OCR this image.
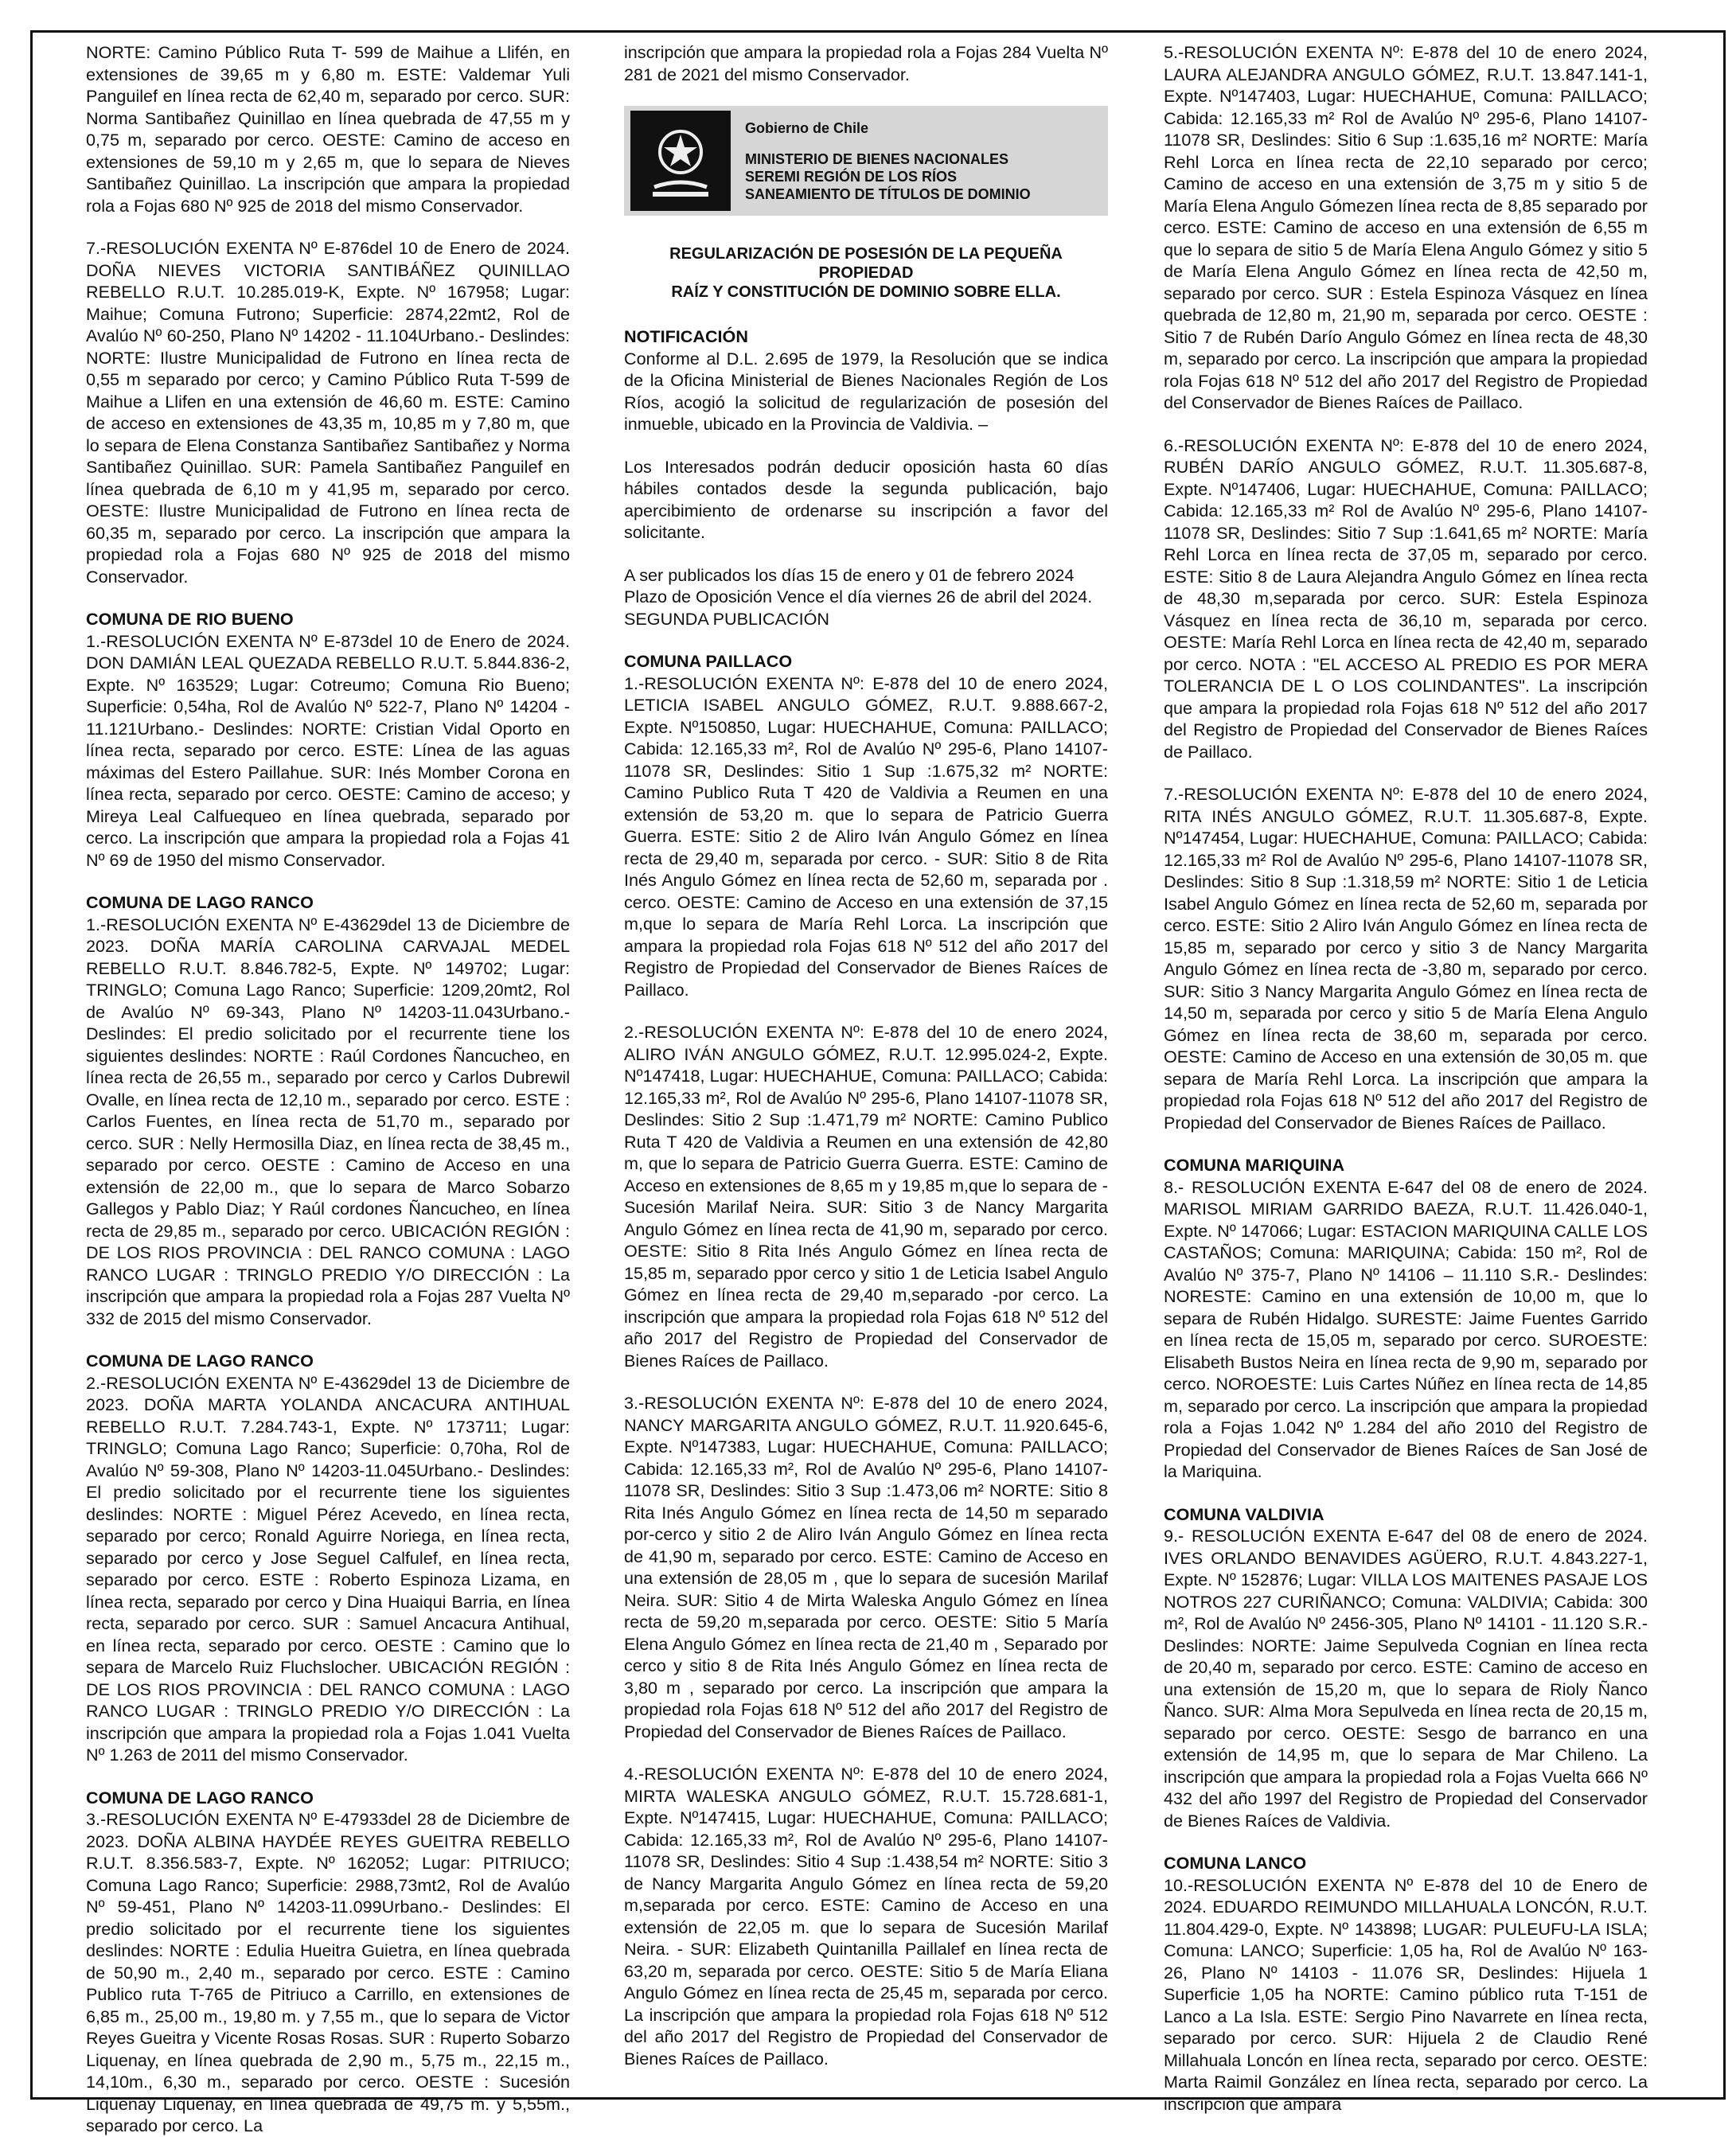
NORTE: Camino Público Ruta T- 599 de Maihue a Llifén, en extensiones de 39,65 m y 6,80 m. ESTE: Valdemar Yuli Panguilef en línea recta de 62,40 m, separado por cerco. SUR: Norma Santibañez Quinillao en línea quebrada de 47,55 m y 0,75 m, separado por cerco. OESTE: Camino de acceso en extensiones de 59,10 m y 2,65 m, que lo separa de Nieves Santibañez Quinillao. La inscripción que ampara la propiedad rola a Fojas 680 Nº 925 de 2018 del mismo Conservador.

7.-RESOLUCIÓN EXENTA Nº E-876del 10 de Enero de 2024. DOÑA NIEVES VICTORIA SANTIBÁÑEZ QUINILLAO REBELLO R.U.T. 10.285.019-K, Expte. Nº 167958; Lugar: Maihue; Comuna Futrono; Superficie: 2874,22mt2, Rol de Avalúo Nº 60-250, Plano Nº 14202 - 11.104Urbano.- Deslindes: NORTE: Ilustre Municipalidad de Futrono en línea recta de 0,55 m separado por cerco; y Camino Público Ruta T-599 de Maihue a Llifen en una extensión de 46,60 m. ESTE: Camino de acceso en extensiones de 43,35 m, 10,85 m y 7,80 m, que lo separa de Elena Constanza Santibañez Santibañez y Norma Santibañez Quinillao. SUR: Pamela Santibañez Panguilef en línea quebrada de 6,10 m y 41,95 m, separado por cerco. OESTE: Ilustre Municipalidad de Futrono en línea recta de 60,35 m, separado por cerco. La inscripción que ampara la propiedad rola a Fojas 680 Nº 925 de 2018 del mismo Conservador.

COMUNA DE RIO BUENO

1.-RESOLUCIÓN EXENTA Nº E-873del 10 de Enero de 2024. DON DAMIÁN LEAL QUEZADA REBELLO R.U.T. 5.844.836-2, Expte. Nº 163529; Lugar: Cotreumo; Comuna Rio Bueno; Superficie: 0,54ha, Rol de Avalúo Nº 522-7, Plano Nº 14204 - 11.121Urbano.- Deslindes: NORTE: Cristian Vidal Oporto en línea recta, separado por cerco. ESTE: Línea de las aguas máximas del Estero Paillahue. SUR: Inés Momber Corona en línea recta, separado por cerco. OESTE: Camino de acceso; y Mireya Leal Calfuequeo en línea quebrada, separado por cerco. La inscripción que ampara la propiedad rola a Fojas 41 Nº 69 de 1950 del mismo Conservador.

COMUNA DE LAGO RANCO

1.-RESOLUCIÓN EXENTA Nº E-43629del 13 de Diciembre de 2023. DOÑA MARÍA CAROLINA CARVAJAL MEDEL REBELLO R.U.T. 8.846.782-5, Expte. Nº 149702; Lugar: TRINGLO; Comuna Lago Ranco; Superficie: 1209,20mt2, Rol de Avalúo Nº 69-343, Plano Nº 14203-11.043Urbano.- Deslindes: El predio solicitado por el recurrente tiene los siguientes deslindes: NORTE : Raúl Cordones Ñancucheo, en línea recta de 26,55 m., separado por cerco y Carlos Dubrewil Ovalle, en línea recta de 12,10 m., separado por cerco. ESTE : Carlos Fuentes, en línea recta de 51,70 m., separado por cerco. SUR : Nelly Hermosilla Diaz, en línea recta de 38,45 m., separado por cerco. OESTE : Camino de Acceso en una extensión de 22,00 m., que lo separa de Marco Sobarzo Gallegos y Pablo Diaz; Y Raúl cordones Ñancucheo, en línea recta de 29,85 m., separado por cerco. UBICACIÓN REGIÓN : DE LOS RIOS PROVINCIA : DEL RANCO COMUNA : LAGO RANCO LUGAR : TRINGLO PREDIO Y/O DIRECCIÓN : La inscripción que ampara la propiedad rola a Fojas 287 Vuelta Nº 332 de 2015 del mismo Conservador.

COMUNA DE LAGO RANCO

2.-RESOLUCIÓN EXENTA Nº E-43629del 13 de Diciembre de 2023. DOÑA MARTA YOLANDA ANCACURA ANTIHUAL REBELLO R.U.T. 7.284.743-1, Expte. Nº 173711; Lugar: TRINGLO; Comuna Lago Ranco; Superficie: 0,70ha, Rol de Avalúo Nº 59-308, Plano Nº 14203-11.045Urbano.- Deslindes: El predio solicitado por el recurrente tiene los siguientes deslindes: NORTE : Miguel Pérez Acevedo, en línea recta, separado por cerco; Ronald Aguirre Noriega, en línea recta, separado por cerco y Jose Seguel Calfulef, en línea recta, separado por cerco. ESTE : Roberto Espinoza Lizama, en línea recta, separado por cerco y Dina Huaiqui Barria, en línea recta, separado por cerco. SUR : Samuel Ancacura Antihual, en línea recta, separado por cerco. OESTE : Camino que lo separa de Marcelo Ruiz Fluchslocher. UBICACIÓN REGIÓN : DE LOS RIOS PROVINCIA : DEL RANCO COMUNA : LAGO RANCO LUGAR : TRINGLO PREDIO Y/O DIRECCIÓN : La inscripción que ampara la propiedad rola a Fojas 1.041 Vuelta Nº 1.263 de 2011 del mismo Conservador.

COMUNA DE LAGO RANCO

3.-RESOLUCIÓN EXENTA Nº E-47933del 28 de Diciembre de 2023. DOÑA ALBINA HAYDÉE REYES GUEITRA REBELLO R.U.T. 8.356.583-7, Expte. Nº 162052; Lugar: PITRIUCO; Comuna Lago Ranco; Superficie: 2988,73mt2, Rol de Avalúo Nº 59-451, Plano Nº 14203-11.099Urbano.- Deslindes: El predio solicitado por el recurrente tiene los siguientes deslindes: NORTE : Edulia Hueitra Guietra, en línea quebrada de 50,90 m., 2,40 m., separado por cerco. ESTE : Camino Publico ruta T-765 de Pitriuco a Carrillo, en extensiones de 6,85 m., 25,00 m., 19,80 m. y 7,55 m., que lo separa de Victor Reyes Gueitra y Vicente Rosas Rosas. SUR : Ruperto Sobarzo Liquenay, en línea quebrada de 2,90 m., 5,75 m., 22,15 m., 14,10m., 6,30 m., separado por cerco. OESTE : Sucesión Liquenay Liquenay, en línea quebrada de 49,75 m. y 5,55m., separado por cerco. La

inscripción que ampara la propiedad rola a Fojas 284 Vuelta Nº 281 de 2021 del mismo Conservador.

Gobierno de Chile
MINISTERIO DE BIENES NACIONALES
SEREMI REGIÓN DE LOS RÍOS
SANEAMIENTO DE TÍTULOS DE DOMINIO
REGULARIZACIÓN DE POSESIÓN DE LA PEQUEÑA PROPIEDAD
RAÍZ Y CONSTITUCIÓN DE DOMINIO SOBRE ELLA.
NOTIFICACIÓN

Conforme al D.L. 2.695 de 1979, la Resolución que se indica de la Oficina Ministerial de Bienes Nacionales Región de Los Ríos, acogió la solicitud de regularización de posesión del inmueble, ubicado en la Provincia de Valdivia. –

Los Interesados podrán deducir oposición hasta 60 días hábiles contados desde la segunda publicación, bajo apercibimiento de ordenarse su inscripción a favor del solicitante.

A ser publicados los días 15 de enero y 01 de febrero 2024
Plazo de Oposición Vence el día viernes 26 de abril del 2024.
SEGUNDA PUBLICACIÓN

COMUNA PAILLACO

1.-RESOLUCIÓN EXENTA Nº: E-878 del 10 de enero 2024, LETICIA ISABEL ANGULO GÓMEZ, R.U.T. 9.888.667-2, Expte. Nº150850, Lugar: HUECHAHUE, Comuna: PAILLACO; Cabida: 12.165,33 m², Rol de Avalúo Nº 295-6, Plano 14107-11078 SR, Deslindes: Sitio 1 Sup :1.675,32 m² NORTE: Camino Publico Ruta T 420 de Valdivia a Reumen en una extensión de 53,20 m. que lo separa de Patricio Guerra Guerra. ESTE: Sitio 2 de Aliro Iván Angulo Gómez en línea recta de 29,40 m, separada por cerco. - SUR: Sitio 8 de Rita Inés Angulo Gómez en línea recta de 52,60 m, separada por . cerco. OESTE: Camino de Acceso en una extensión de 37,15 m,que lo separa de María Rehl Lorca. La inscripción que ampara la propiedad rola Fojas 618 Nº 512 del año 2017 del Registro de Propiedad del Conservador de Bienes Raíces de Paillaco.

2.-RESOLUCIÓN EXENTA Nº: E-878 del 10 de enero 2024, ALIRO IVÁN ANGULO GÓMEZ, R.U.T. 12.995.024-2, Expte. Nº147418, Lugar: HUECHAHUE, Comuna: PAILLACO; Cabida: 12.165,33 m², Rol de Avalúo Nº 295-6, Plano 14107-11078 SR, Deslindes: Sitio 2 Sup :1.471,79 m² NORTE: Camino Publico Ruta T 420 de Valdivia a Reumen en una extensión de 42,80 m, que lo separa de Patricio Guerra Guerra. ESTE: Camino de Acceso en extensiones de 8,65 m y 19,85 m,que lo separa de - Sucesión Marilaf Neira. SUR: Sitio 3 de Nancy Margarita Angulo Gómez en línea recta de 41,90 m, separado por cerco. OESTE: Sitio 8 Rita Inés Angulo Gómez en línea recta de 15,85 m, separado ppor cerco y sitio 1 de Leticia Isabel Angulo Gómez en línea recta de 29,40 m,separado -por cerco. La inscripción que ampara la propiedad rola Fojas 618 Nº 512 del año 2017 del Registro de Propiedad del Conservador de Bienes Raíces de Paillaco.

3.-RESOLUCIÓN EXENTA Nº: E-878 del 10 de enero 2024, NANCY MARGARITA ANGULO GÓMEZ, R.U.T. 11.920.645-6, Expte. Nº147383, Lugar: HUECHAHUE, Comuna: PAILLACO; Cabida: 12.165,33 m², Rol de Avalúo Nº 295-6, Plano 14107-11078 SR, Deslindes: Sitio 3 Sup :1.473,06 m² NORTE: Sitio 8 Rita Inés Angulo Gómez en línea recta de 14,50 m separado por-cerco y sitio 2 de Aliro Iván Angulo Gómez en línea recta de 41,90 m, separado por cerco. ESTE: Camino de Acceso en una extensión de 28,05 m , que lo separa de sucesión Marilaf Neira. SUR: Sitio 4 de Mirta Waleska Angulo Gómez en línea recta de 59,20 m,separada por cerco. OESTE: Sitio 5 María Elena Angulo Gómez en línea recta de 21,40 m , Separado por cerco y sitio 8 de Rita Inés Angulo Gómez en línea recta de 3,80 m , separado por cerco. La inscripción que ampara la propiedad rola Fojas 618 Nº 512 del año 2017 del Registro de Propiedad del Conservador de Bienes Raíces de Paillaco.

4.-RESOLUCIÓN EXENTA Nº: E-878 del 10 de enero 2024, MIRTA WALESKA ANGULO GÓMEZ, R.U.T. 15.728.681-1, Expte. Nº147415, Lugar: HUECHAHUE, Comuna: PAILLACO; Cabida: 12.165,33 m², Rol de Avalúo Nº 295-6, Plano 14107-11078 SR, Deslindes: Sitio 4 Sup :1.438,54 m² NORTE: Sitio 3 de Nancy Margarita Angulo Gómez en línea recta de 59,20 m,separada por cerco. ESTE: Camino de Acceso en una extensión de 22,05 m. que lo separa de Sucesión Marilaf Neira. - SUR: Elizabeth Quintanilla Paillalef en línea recta de 63,20 m, separada por cerco. OESTE: Sitio 5 de María Eliana Angulo Gómez en línea recta de 25,45 m, separada por cerco. La inscripción que ampara la propiedad rola Fojas 618 Nº 512 del año 2017 del Registro de Propiedad del Conservador de Bienes Raíces de Paillaco.

5.-RESOLUCIÓN EXENTA Nº: E-878 del 10 de enero 2024, LAURA ALEJANDRA ANGULO GÓMEZ, R.U.T. 13.847.141-1, Expte. Nº147403, Lugar: HUECHAHUE, Comuna: PAILLACO; Cabida: 12.165,33 m² Rol de Avalúo Nº 295-6, Plano 14107-11078 SR, Deslindes: Sitio 6 Sup :1.635,16 m² NORTE: María Rehl Lorca en línea recta de 22,10 separado por cerco; Camino de acceso en una extensión de 3,75 m y sitio 5 de María Elena Angulo Gómezen línea recta de 8,85 separado por cerco. ESTE: Camino de acceso en una extensión de 6,55 m que lo separa de sitio 5 de María Elena Angulo Gómez y sitio 5 de María Elena Angulo Gómez en línea recta de 42,50 m, separado por cerco. SUR : Estela Espinoza Vásquez en línea quebrada de 12,80 m, 21,90 m, separada por cerco. OESTE : Sitio 7 de Rubén Darío Angulo Gómez en línea recta de 48,30 m, separado por cerco. La inscripción que ampara la propiedad rola Fojas 618 Nº 512 del año 2017 del Registro de Propiedad del Conservador de Bienes Raíces de Paillaco.

6.-RESOLUCIÓN EXENTA Nº: E-878 del 10 de enero 2024, RUBÉN DARÍO ANGULO GÓMEZ, R.U.T. 11.305.687-8, Expte. Nº147406, Lugar: HUECHAHUE, Comuna: PAILLACO; Cabida: 12.165,33 m² Rol de Avalúo Nº 295-6, Plano 14107-11078 SR, Deslindes: Sitio 7 Sup :1.641,65 m² NORTE: María Rehl Lorca en línea recta de 37,05 m, separado por cerco. ESTE: Sitio 8 de Laura Alejandra Angulo Gómez en línea recta de 48,30 m,separada por cerco. SUR: Estela Espinoza Vásquez en línea recta de 36,10 m, separada por cerco. OESTE: María Rehl Lorca en línea recta de 42,40 m, separado por cerco. NOTA : "EL ACCESO AL PREDIO ES POR MERA TOLERANCIA DE L O LOS COLINDANTES". La inscripción que ampara la propiedad rola Fojas 618 Nº 512 del año 2017 del Registro de Propiedad del Conservador de Bienes Raíces de Paillaco.

7.-RESOLUCIÓN EXENTA Nº: E-878 del 10 de enero 2024, RITA INÉS ANGULO GÓMEZ, R.U.T. 11.305.687-8, Expte. Nº147454, Lugar: HUECHAHUE, Comuna: PAILLACO; Cabida: 12.165,33 m² Rol de Avalúo Nº 295-6, Plano 14107-11078 SR, Deslindes: Sitio 8 Sup :1.318,59 m² NORTE: Sitio 1 de Leticia Isabel Angulo Gómez en línea recta de 52,60 m, separada por cerco. ESTE: Sitio 2 Aliro Iván Angulo Gómez en línea recta de 15,85 m, separado por cerco y sitio 3 de Nancy Margarita Angulo Gómez en línea recta de -3,80 m, separado por cerco. SUR: Sitio 3 Nancy Margarita Angulo Gómez en línea recta de 14,50 m, separada por cerco y sitio 5 de María Elena Angulo Gómez en línea recta de 38,60 m, separada por cerco. OESTE: Camino de Acceso en una extensión de 30,05 m. que separa de María Rehl Lorca. La inscripción que ampara la propiedad rola Fojas 618 Nº 512 del año 2017 del Registro de Propiedad del Conservador de Bienes Raíces de Paillaco.

COMUNA MARIQUINA

8.- RESOLUCIÓN EXENTA E-647 del 08 de enero de 2024. MARISOL MIRIAM GARRIDO BAEZA, R.U.T. 11.426.040-1, Expte. Nº 147066; Lugar: ESTACION MARIQUINA CALLE LOS CASTAÑOS; Comuna: MARIQUINA; Cabida: 150 m², Rol de Avalúo Nº 375-7, Plano Nº 14106 – 11.110 S.R.- Deslindes: NORESTE: Camino en una extensión de 10,00 m, que lo separa de Rubén Hidalgo. SURESTE: Jaime Fuentes Garrido en línea recta de 15,05 m, separado por cerco. SUROESTE: Elisabeth Bustos Neira en línea recta de 9,90 m, separado por cerco. NOROESTE: Luis Cartes Núñez en línea recta de 14,85 m, separado por cerco. La inscripción que ampara la propiedad rola a Fojas 1.042 Nº 1.284 del año 2010 del Registro de Propiedad del Conservador de Bienes Raíces de San José de la Mariquina.

COMUNA VALDIVIA

9.- RESOLUCIÓN EXENTA E-647 del 08 de enero de 2024. IVES ORLANDO BENAVIDES AGÜERO, R.U.T. 4.843.227-1, Expte. Nº 152876; Lugar: VILLA LOS MAITENES PASAJE LOS NOTROS 227 CURIÑANCO; Comuna: VALDIVIA; Cabida: 300 m², Rol de Avalúo Nº 2456-305, Plano Nº 14101 - 11.120 S.R.- Deslindes: NORTE: Jaime Sepulveda Cognian en línea recta de 20,40 m, separado por cerco. ESTE: Camino de acceso en una extensión de 15,20 m, que lo separa de Rioly Ñanco Ñanco. SUR: Alma Mora Sepulveda en línea recta de 20,15 m, separado por cerco. OESTE: Sesgo de barranco en una extensión de 14,95 m, que lo separa de Mar Chileno. La inscripción que ampara la propiedad rola a Fojas Vuelta 666 Nº 432 del año 1997 del Registro de Propiedad del Conservador de Bienes Raíces de Valdivia.

COMUNA LANCO

10.-RESOLUCIÓN EXENTA Nº E-878 del 10 de Enero de 2024. EDUARDO REIMUNDO MILLAHUALA LONCÓN, R.U.T. 11.804.429-0, Expte. Nº 143898; LUGAR: PULEUFU-LA ISLA; Comuna: LANCO; Superficie: 1,05 ha, Rol de Avalúo Nº 163-26, Plano Nº 14103 - 11.076 SR, Deslindes: Hijuela 1 Superficie 1,05 ha NORTE: Camino público ruta T-151 de Lanco a La Isla. ESTE: Sergio Pino Navarrete en línea recta, separado por cerco. SUR: Hijuela 2 de Claudio René Millahuala Loncón en línea recta, separado por cerco. OESTE: Marta Raimil González en línea recta, separado por cerco. La inscripción que ampara
